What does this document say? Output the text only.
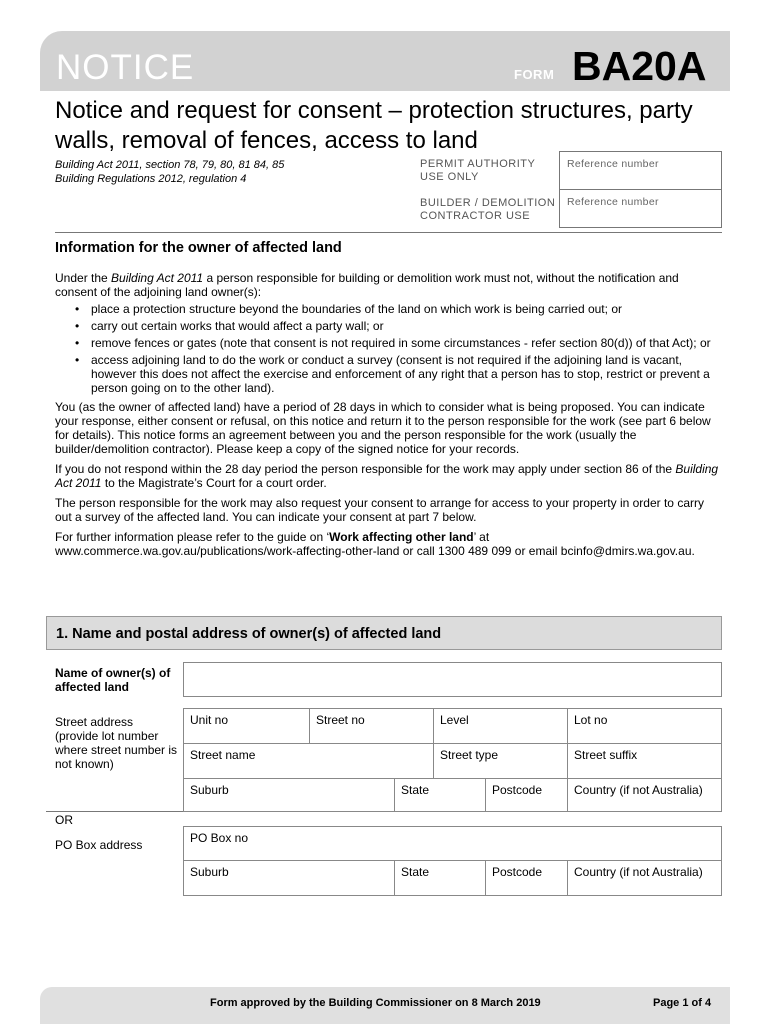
NOTICE	FORM BA20A
Notice and request for consent – protection structures, party walls, removal of fences, access to land
Building Act 2011, section 78, 79, 80, 81 84, 85
Building Regulations 2012, regulation 4
PERMIT AUTHORITY
USE ONLY
BUILDER / DEMOLITION
CONTRACTOR USE
Reference number
Reference number
Information for the owner of affected land

Under the Building Act 2011 a person responsible for building or demolition work must not, without the notification and consent of the adjoining land owner(s):

• place a protection structure beyond the boundaries of the land on which work is being carried out; or
• carry out certain works that would affect a party wall; or
• remove fences or gates (note that consent is not required in some circumstances - refer section 80(d)) of that Act); or
• access adjoining land to do the work or conduct a survey (consent is not required if the adjoining land is vacant, however this does not affect the exercise and enforcement of any right that a person has to stop, restrict or prevent a person going on to the other land).

You (as the owner of affected land) have a period of 28 days in which to consider what is being proposed. You can indicate your response, either consent or refusal, on this notice and return it to the person responsible for the work (see part 6 below for details). This notice forms an agreement between you and the person responsible for the work (usually the builder/demolition contractor). Please keep a copy of the signed notice for your records.

If you do not respond within the 28 day period the person responsible for the work may apply under section 86 of the Building Act 2011 to the Magistrate’s Court for a court order.

The person responsible for the work may also request your consent to arrange for access to your property in order to carry out a survey of the affected land. You can indicate your consent at part 7 below.

For further information please refer to the guide on ‘Work affecting other land’ at www.commerce.wa.gov.au/publications/work-affecting-other-land or call 1300 489 099 or email bcinfo@dmirs.wa.gov.au.

1. Name and postal address of owner(s) of affected land
Name of owner(s) of affected land
Street address (provide lot number where street number is not known)
Unit no	Street no	Level	Lot no
Street name	Street type	Street suffix
Suburb	State	Postcode	Country (if not Australia)
OR
PO Box address	PO Box no
Suburb	State	Postcode	Country (if not Australia)
Form approved by the Building Commissioner on 8 March 2019	Page 1 of 4
